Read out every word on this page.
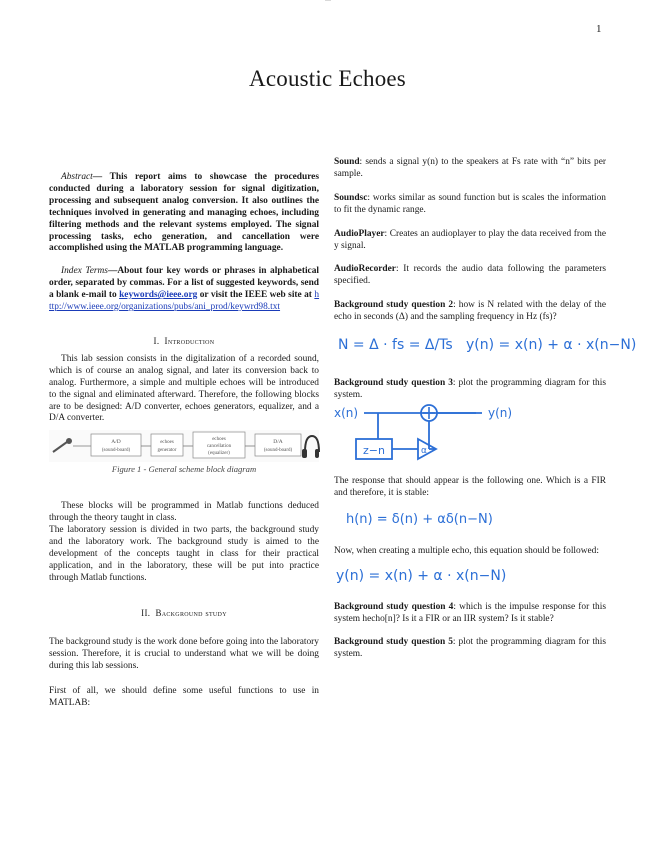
---
1
Acoustic Echoes

Abstract— This report aims to showcase the procedures conducted during a laboratory session for signal digitization, processing and subsequent analog conversion. It also outlines the techniques involved in generating and managing echoes, including filtering methods and the relevant systems employed. The signal processing tasks, echo generation, and cancellation were accomplished using the MATLAB programming language.

Index Terms—About four key words or phrases in alphabetical order, separated by commas. For a list of suggested keywords, send a blank e-mail to keywords@ieee.org or visit the IEEE web site at http://www.ieee.org/organizations/pubs/ani_prod/keywrd98.txt

I. Introduction

This lab session consists in the digitalization of a recorded sound, which is of course an analog signal, and later its conversion back to analog. Furthermore, a simple and multiple echoes will be introduced to the signal and eliminated afterward. Therefore, the following blocks are to be designed: A/D converter, echoes generators, equalizer, and a D/A converter.

A/D
(sound-board)
echoes
generator
echoes
cancellation
(equalizer)
D/A
(sound-board)

Figure 1 - General scheme block diagram

These blocks will be programmed in Matlab functions deduced through the theory taught in class.

The laboratory session is divided in two parts, the background study and the laboratory work. The background study is aimed to the development of the concepts taught in class for their practical application, and in the laboratory, these will be put into practice through Matlab functions.

II. Background study

The background study is the work done before going into the laboratory session. Therefore, it is crucial to understand what we will be doing during this lab sessions.

First of all, we should define some useful functions to use in MATLAB:

Sound: sends a signal y(n) to the speakers at Fs rate with “n” bits per sample.

Soundsc: works similar as sound function but is scales the information to fit the dynamic range.

AudioPlayer: Creates an audioplayer to play the data received from the y signal.

AudioRecorder: It records the audio data following the parameters specified.

Background study question 2: how is N related with the delay of the echo in seconds (Δ) and the sampling frequency in Hz (fs)?

N = Δ · fs = Δ/Ts y(n) = x(n) + α · x(n−N)

Background study question 3: plot the programming diagram for this system.

x(n)	y(n)
z−n	α

The response that should appear is the following one. Which is a FIR and therefore, it is stable:

h(n) = δ(n) + αδ(n−N)

Now, when creating a multiple echo, this equation should be followed:

y(n) = x(n) + α · x(n−N)

Background study question 4: which is the impulse response for this system hecho[n]? Is it a FIR or an IIR system? Is it stable?

Background study question 5: plot the programming diagram for this system.
